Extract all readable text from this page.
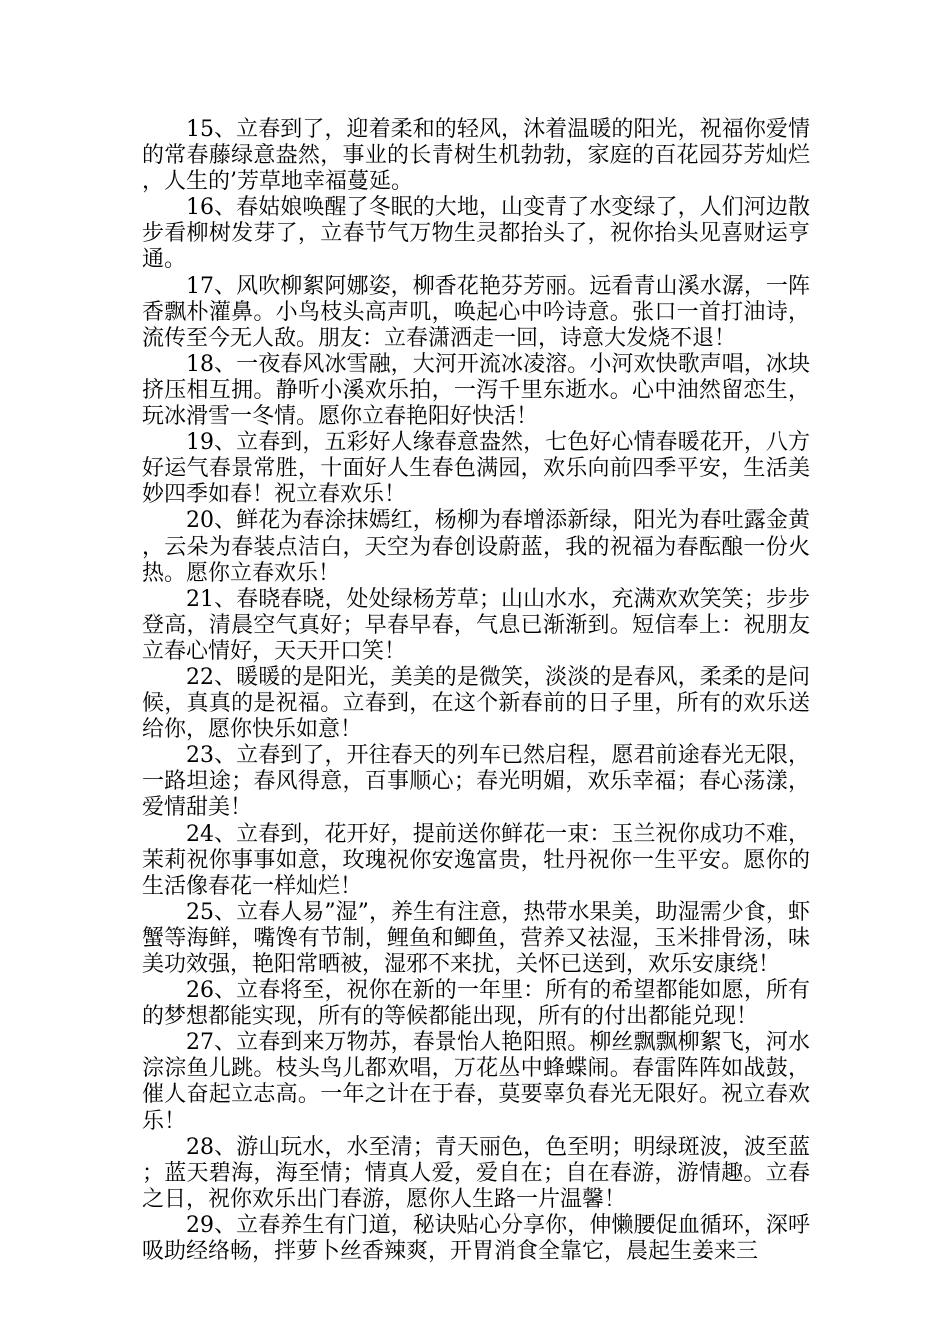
15、立春到了，迎着柔和的轻风，沐着温暖的阳光，祝福你爱情的常春藤绿意盎然，事业的长青树生机勃勃，家庭的百花园芬芳灿烂，人生的’芳草地幸福蔓延。

16、春姑娘唤醒了冬眠的大地，山变青了水变绿了，人们河边散步看柳树发芽了，立春节气万物生灵都抬头了，祝你抬头见喜财运亨通。

17、风吹柳絮阿娜姿，柳香花艳芬芳丽。远看青山溪水潺，一阵香飘朴灌鼻。小鸟枝头高声叽，唤起心中吟诗意。张口一首打油诗，流传至今无人敌。朋友：立春潇洒走一回，诗意大发烧不退！

18、一夜春风冰雪融，大河开流冰凌溶。小河欢快歌声唱，冰块挤压相互拥。静听小溪欢乐拍，一泻千里东逝水。心中油然留恋生，玩冰滑雪一冬情。愿你立春艳阳好快活！

19、立春到，五彩好人缘春意盎然，七色好心情春暖花开，八方好运气春景常胜，十面好人生春色满园，欢乐向前四季平安，生活美妙四季如春！祝立春欢乐！

20、鲜花为春涂抹嫣红，杨柳为春增添新绿，阳光为春吐露金黄，云朵为春装点洁白，天空为春创设蔚蓝，我的祝福为春酝酿一份火热。愿你立春欢乐！

21、春晓春晓，处处绿杨芳草；山山水水，充满欢欢笑笑；步步登高，清晨空气真好；早春早春，气息已渐渐到。短信奉上：祝朋友立春心情好，天天开口笑！

22、暖暖的是阳光，美美的是微笑，淡淡的是春风，柔柔的是问候，真真的是祝福。立春到，在这个新春前的日子里，所有的欢乐送给你，愿你快乐如意！

23、立春到了，开往春天的列车已然启程，愿君前途春光无限，一路坦途；春风得意，百事顺心；春光明媚，欢乐幸福；春心荡漾，爱情甜美！

24、立春到，花开好，提前送你鲜花一束：玉兰祝你成功不难，茉莉祝你事事如意，玫瑰祝你安逸富贵，牡丹祝你一生平安。愿你的生活像春花一样灿烂！

25、立春人易”湿”，养生有注意，热带水果美，助湿需少食，虾蟹等海鲜，嘴馋有节制，鲤鱼和鲫鱼，营养又祛湿，玉米排骨汤，味美功效强，艳阳常晒被，湿邪不来扰，关怀已送到，欢乐安康绕！

26、立春将至，祝你在新的一年里：所有的希望都能如愿，所有的梦想都能实现，所有的等候都能出现，所有的付出都能兑现！

27、立春到来万物苏，春景怡人艳阳照。柳丝飘飘柳絮飞，河水淙淙鱼儿跳。枝头鸟儿都欢唱，万花丛中蜂蝶闹。春雷阵阵如战鼓，催人奋起立志高。一年之计在于春，莫要辜负春光无限好。祝立春欢乐！

28、游山玩水，水至清；青天丽色，色至明；明绿斑波，波至蓝；蓝天碧海，海至情；情真人爱，爱自在；自在春游，游情趣。立春之日，祝你欢乐出门春游，愿你人生路一片温馨！

29、立春养生有门道，秘诀贴心分享你，伸懒腰促血循环，深呼吸助经络畅，拌萝卜丝香辣爽，开胃消食全靠它，晨起生姜来三
